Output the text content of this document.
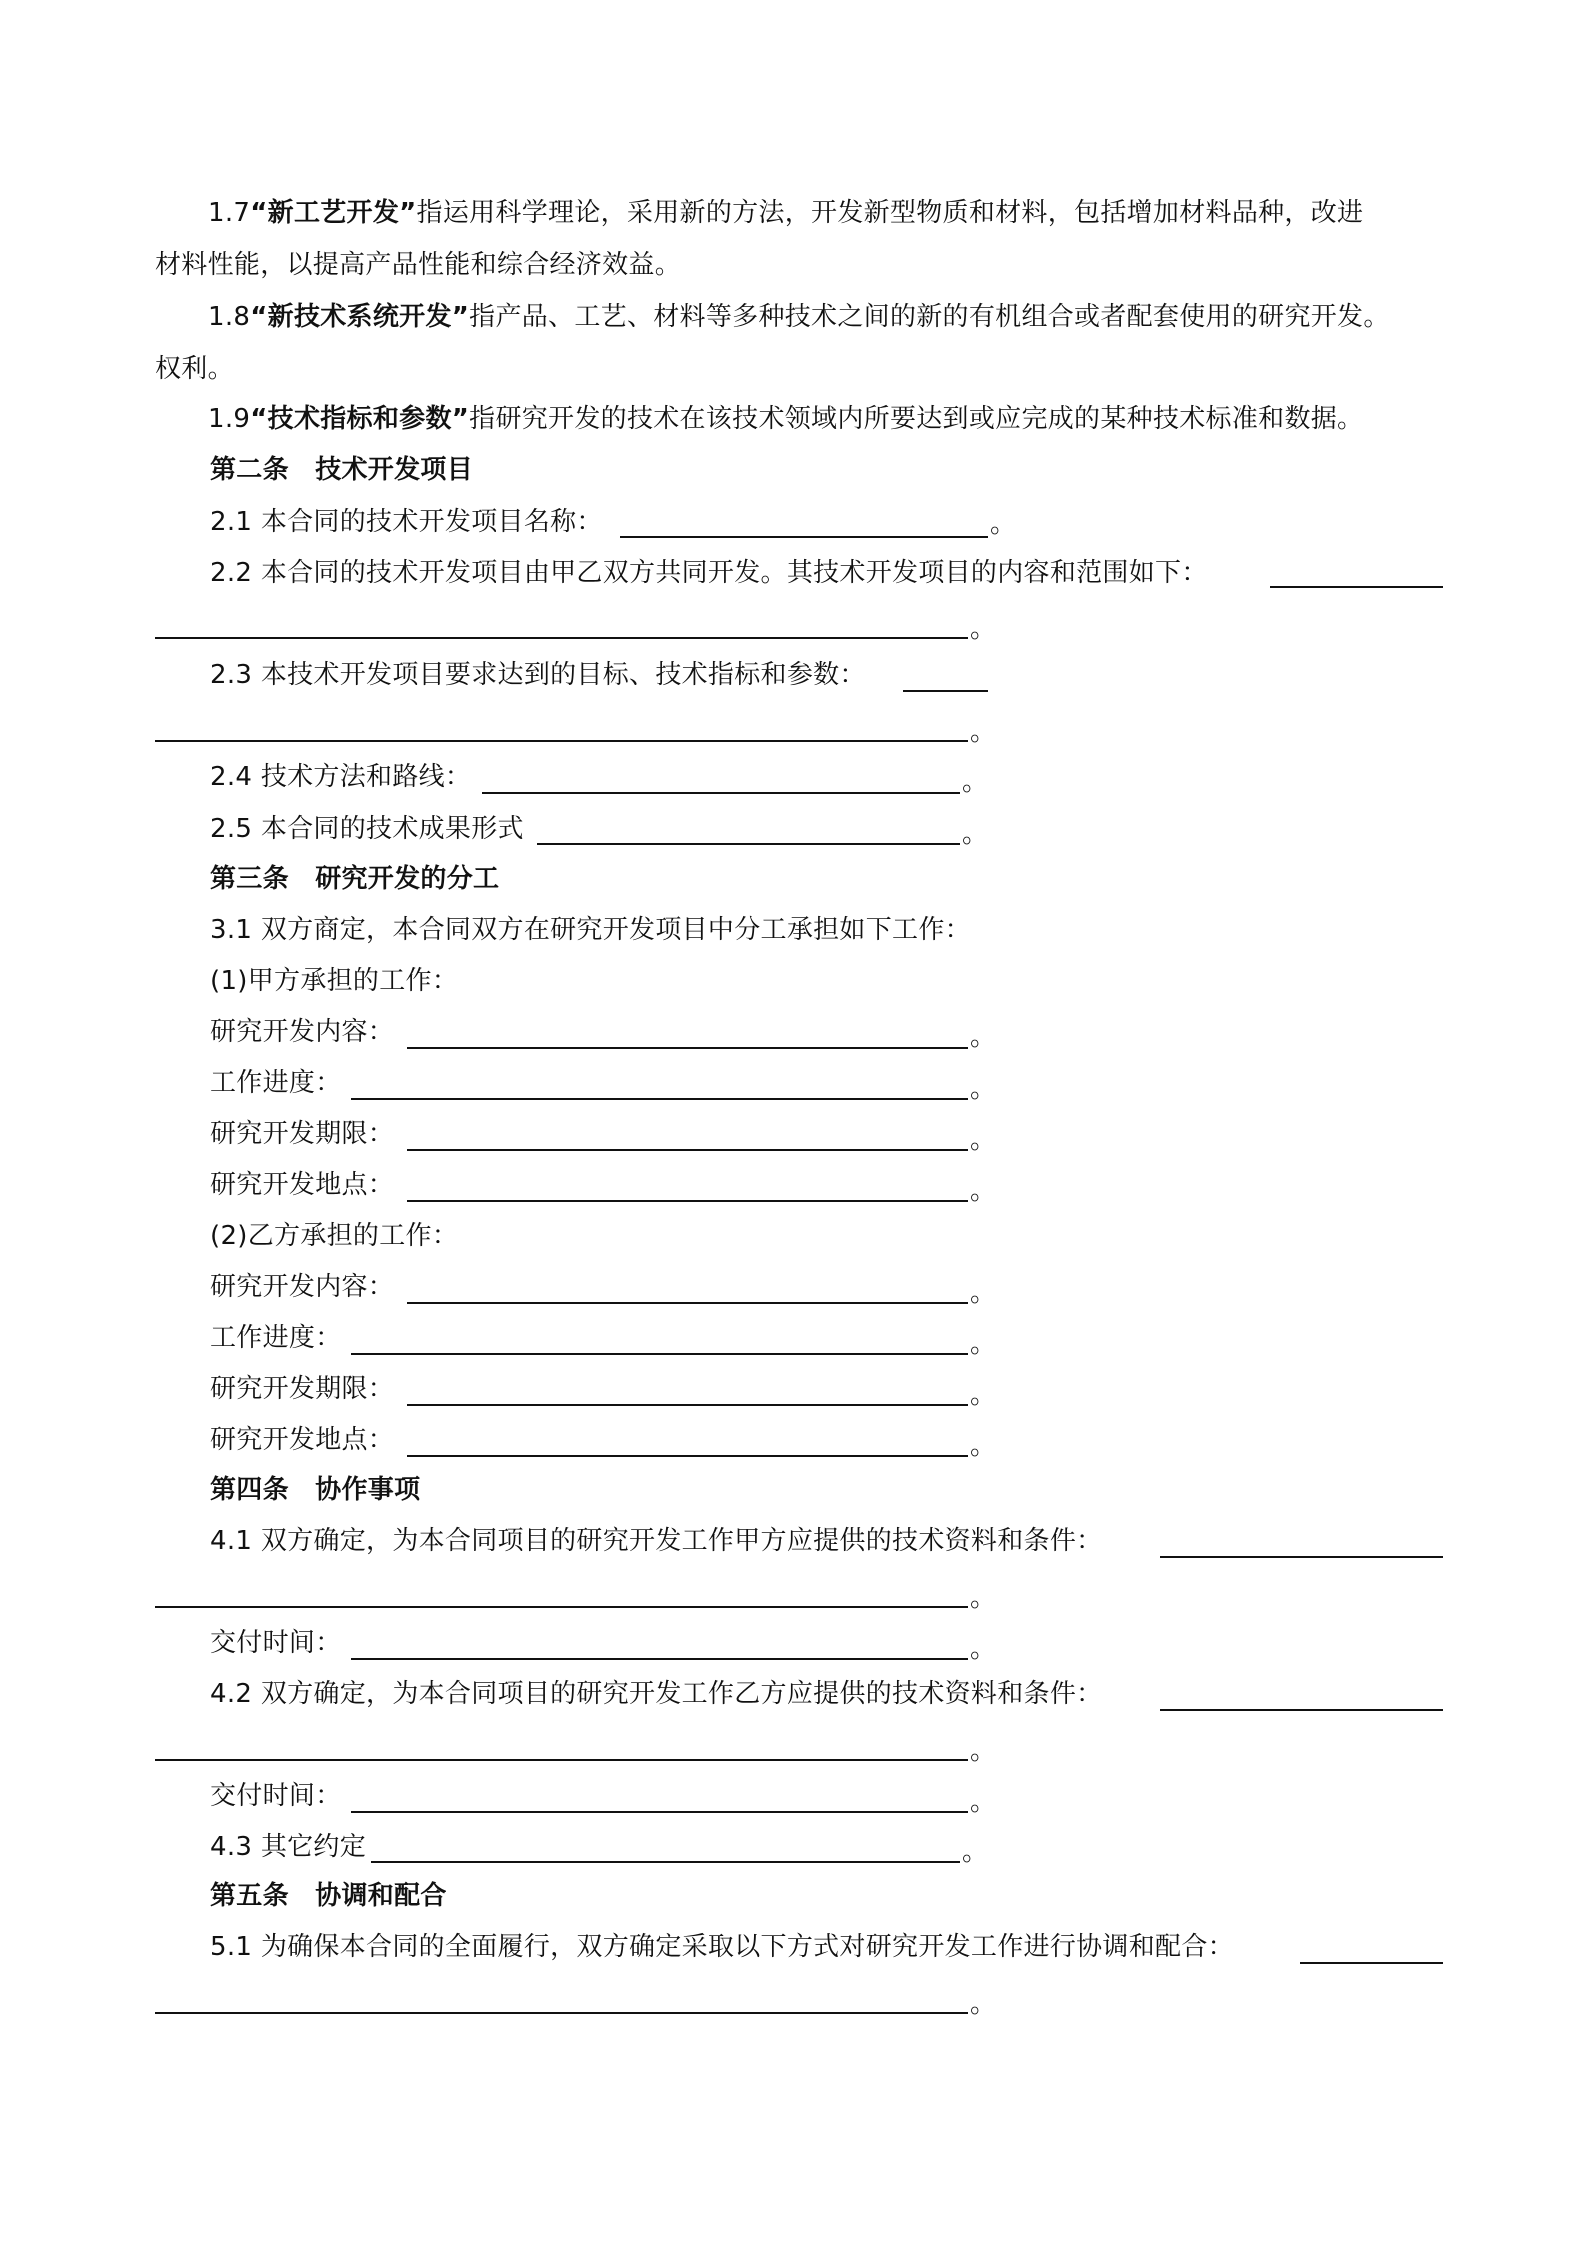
1.7“新工艺开发”指运用科学理论，采用新的方法，开发新型物质和材料，包括增加材料品种，改进
材料性能，以提高产品性能和综合经济效益。
1.8“新技术系统开发”指产品、工艺、材料等多种技术之间的新的有机组合或者配套使用的研究开发。
权利。
1.9“技术指标和参数”指研究开发的技术在该技术领域内所要达到或应完成的某种技术标准和数据。
第二条　技术开发项目
2.1 本合同的技术开发项目名称：	。
2.2 本合同的技术开发项目由甲乙双方共同开发。其技术开发项目的内容和范围如下：
。
2.3 本技术开发项目要求达到的目标、技术指标和参数：
。
2.4 技术方法和路线：	。
2.5 本合同的技术成果形式	。
第三条　研究开发的分工
3.1 双方商定，本合同双方在研究开发项目中分工承担如下工作：
(1)甲方承担的工作：
研究开发内容：	。
工作进度：	。
研究开发期限：	。
研究开发地点：	。
(2)乙方承担的工作：
研究开发内容：	。
工作进度：	。
研究开发期限：	。
研究开发地点：	。
第四条　协作事项
4.1 双方确定，为本合同项目的研究开发工作甲方应提供的技术资料和条件：
。
交付时间：	。
4.2 双方确定，为本合同项目的研究开发工作乙方应提供的技术资料和条件：
。
交付时间：	。
4.3 其它约定	。
第五条　协调和配合
5.1 为确保本合同的全面履行，双方确定采取以下方式对研究开发工作进行协调和配合：
。
